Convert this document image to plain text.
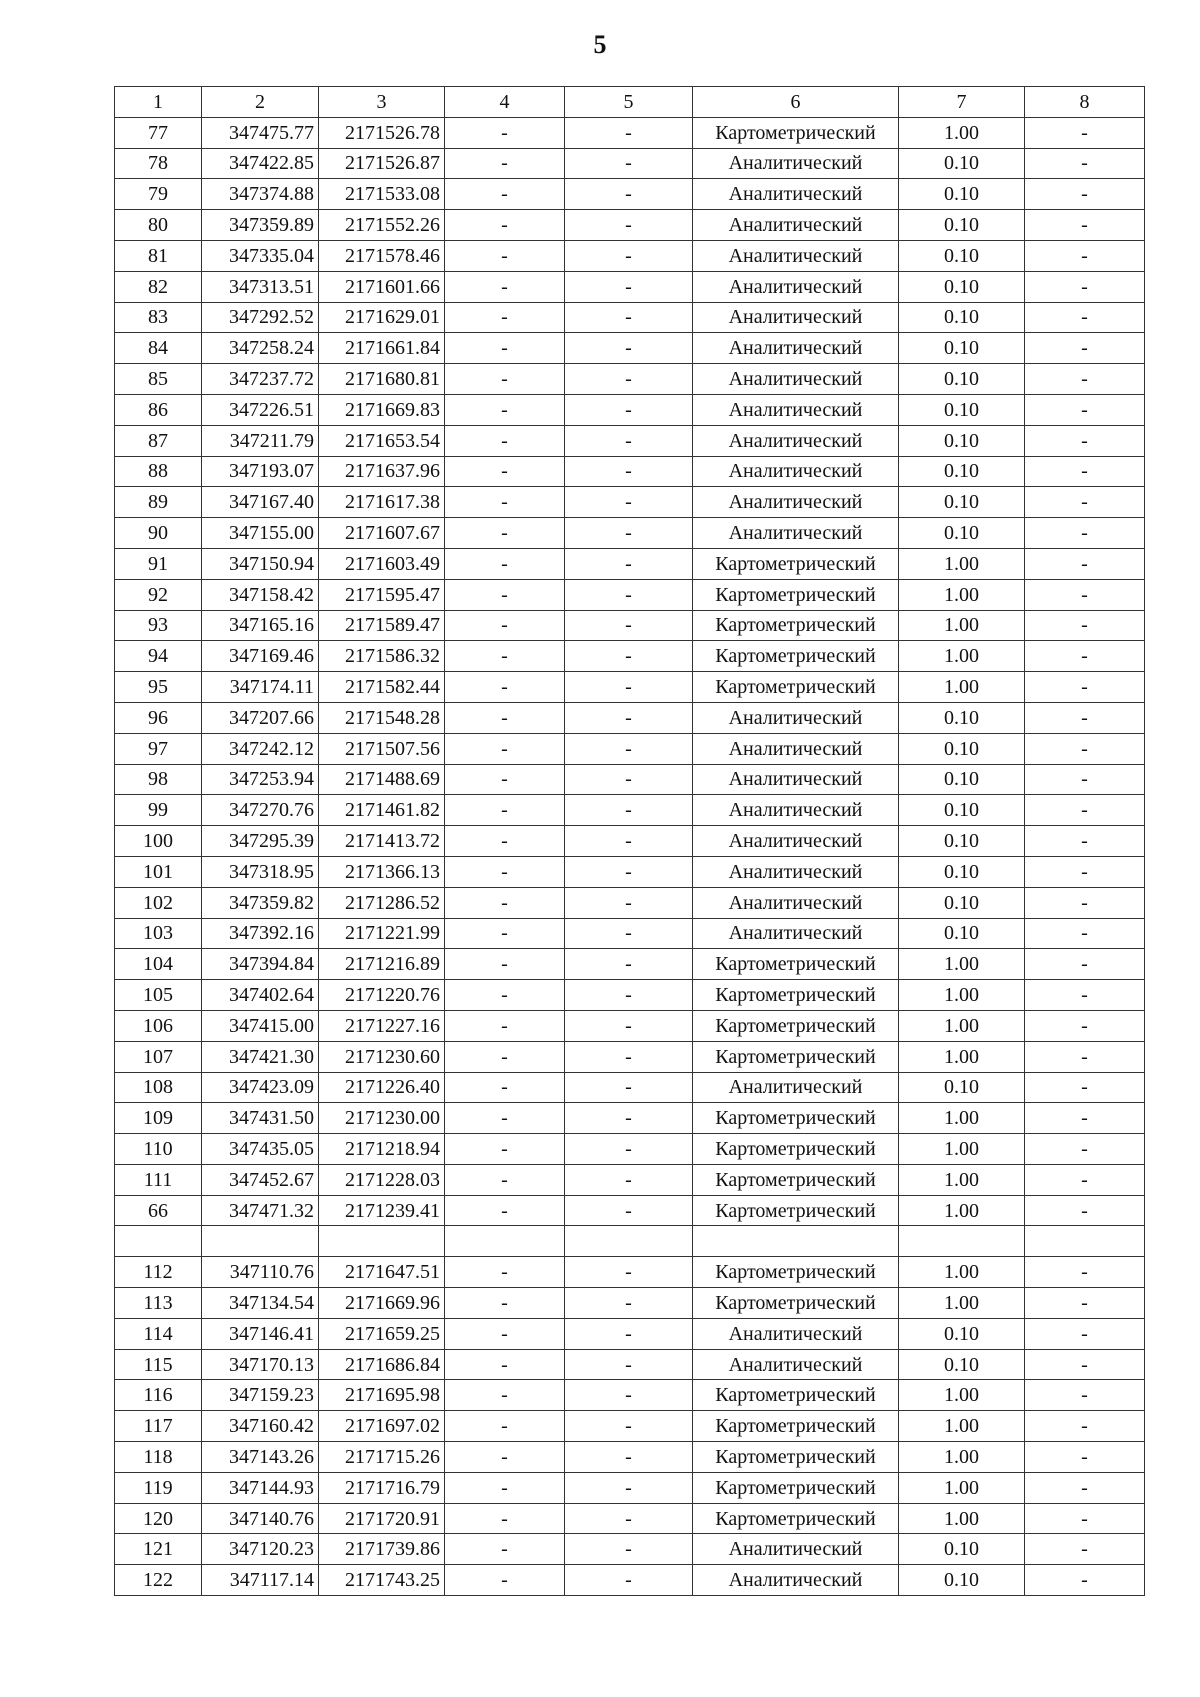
5
1	2	3	4	5	6	7	8
77	347475.77	2171526.78	-	-	Картометрический	1.00	-
78	347422.85	2171526.87	-	-	Аналитический	0.10	-
79	347374.88	2171533.08	-	-	Аналитический	0.10	-
80	347359.89	2171552.26	-	-	Аналитический	0.10	-
81	347335.04	2171578.46	-	-	Аналитический	0.10	-
82	347313.51	2171601.66	-	-	Аналитический	0.10	-
83	347292.52	2171629.01	-	-	Аналитический	0.10	-
84	347258.24	2171661.84	-	-	Аналитический	0.10	-
85	347237.72	2171680.81	-	-	Аналитический	0.10	-
86	347226.51	2171669.83	-	-	Аналитический	0.10	-
87	347211.79	2171653.54	-	-	Аналитический	0.10	-
88	347193.07	2171637.96	-	-	Аналитический	0.10	-
89	347167.40	2171617.38	-	-	Аналитический	0.10	-
90	347155.00	2171607.67	-	-	Аналитический	0.10	-
91	347150.94	2171603.49	-	-	Картометрический	1.00	-
92	347158.42	2171595.47	-	-	Картометрический	1.00	-
93	347165.16	2171589.47	-	-	Картометрический	1.00	-
94	347169.46	2171586.32	-	-	Картометрический	1.00	-
95	347174.11	2171582.44	-	-	Картометрический	1.00	-
96	347207.66	2171548.28	-	-	Аналитический	0.10	-
97	347242.12	2171507.56	-	-	Аналитический	0.10	-
98	347253.94	2171488.69	-	-	Аналитический	0.10	-
99	347270.76	2171461.82	-	-	Аналитический	0.10	-
100	347295.39	2171413.72	-	-	Аналитический	0.10	-
101	347318.95	2171366.13	-	-	Аналитический	0.10	-
102	347359.82	2171286.52	-	-	Аналитический	0.10	-
103	347392.16	2171221.99	-	-	Аналитический	0.10	-
104	347394.84	2171216.89	-	-	Картометрический	1.00	-
105	347402.64	2171220.76	-	-	Картометрический	1.00	-
106	347415.00	2171227.16	-	-	Картометрический	1.00	-
107	347421.30	2171230.60	-	-	Картометрический	1.00	-
108	347423.09	2171226.40	-	-	Аналитический	0.10	-
109	347431.50	2171230.00	-	-	Картометрический	1.00	-
110	347435.05	2171218.94	-	-	Картометрический	1.00	-
111	347452.67	2171228.03	-	-	Картометрический	1.00	-
66	347471.32	2171239.41	-	-	Картометрический	1.00	-

112	347110.76	2171647.51	-	-	Картометрический	1.00	-
113	347134.54	2171669.96	-	-	Картометрический	1.00	-
114	347146.41	2171659.25	-	-	Аналитический	0.10	-
115	347170.13	2171686.84	-	-	Аналитический	0.10	-
116	347159.23	2171695.98	-	-	Картометрический	1.00	-
117	347160.42	2171697.02	-	-	Картометрический	1.00	-
118	347143.26	2171715.26	-	-	Картометрический	1.00	-
119	347144.93	2171716.79	-	-	Картометрический	1.00	-
120	347140.76	2171720.91	-	-	Картометрический	1.00	-
121	347120.23	2171739.86	-	-	Аналитический	0.10	-
122	347117.14	2171743.25	-	-	Аналитический	0.10	-
